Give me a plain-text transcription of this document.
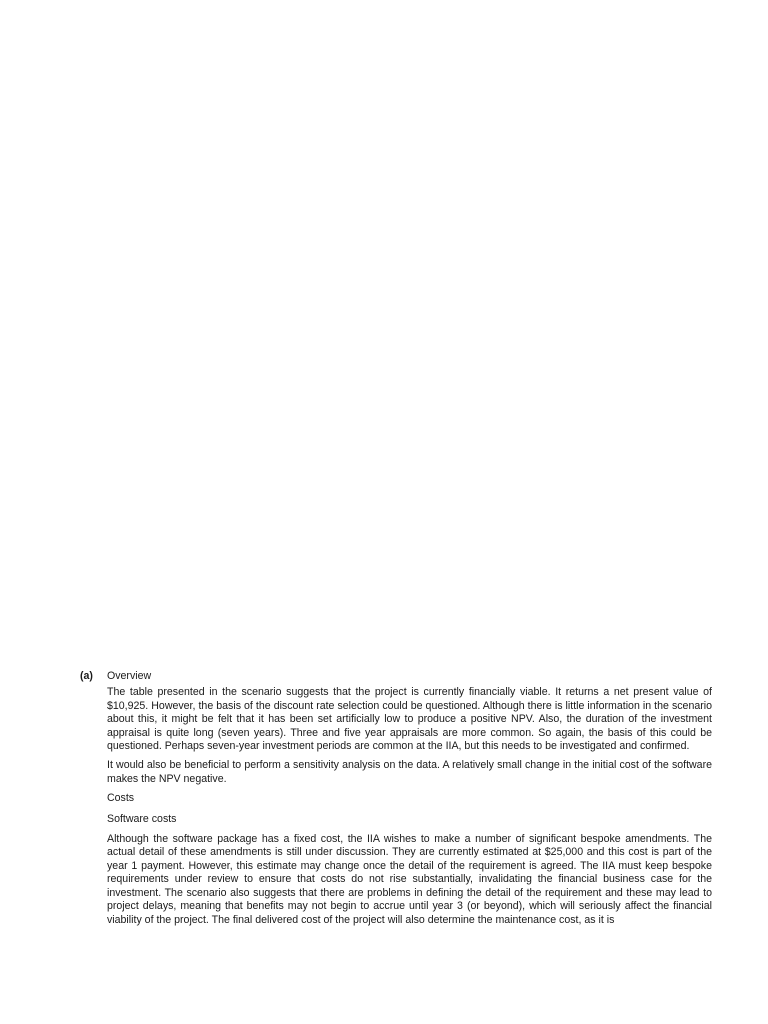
(a)	Overview

The table presented in the scenario suggests that the project is currently financially viable. It returns a net present value of $10,925. However, the basis of the discount rate selection could be questioned. Although there is little information in the scenario about this, it might be felt that it has been set artificially low to produce a positive NPV. Also, the duration of the investment appraisal is quite long (seven years). Three and five year appraisals are more common. So again, the basis of this could be questioned. Perhaps seven-year investment periods are common at the IIA, but this needs to be investigated and confirmed.

It would also be beneficial to perform a sensitivity analysis on the data. A relatively small change in the initial cost of the software makes the NPV negative.

Costs

Software costs

Although the software package has a fixed cost, the IIA wishes to make a number of significant bespoke amendments. The actual detail of these amendments is still under discussion. They are currently estimated at $25,000 and this cost is part of the year 1 payment. However, this estimate may change once the detail of the requirement is agreed. The IIA must keep bespoke requirements under review to ensure that costs do not rise substantially, invalidating the financial business case for the investment. The scenario also suggests that there are problems in defining the detail of the requirement and these may lead to project delays, meaning that benefits may not begin to accrue until year 3 (or beyond), which will seriously affect the financial viability of the project. The final delivered cost of the project will also determine the maintenance cost, as it is
